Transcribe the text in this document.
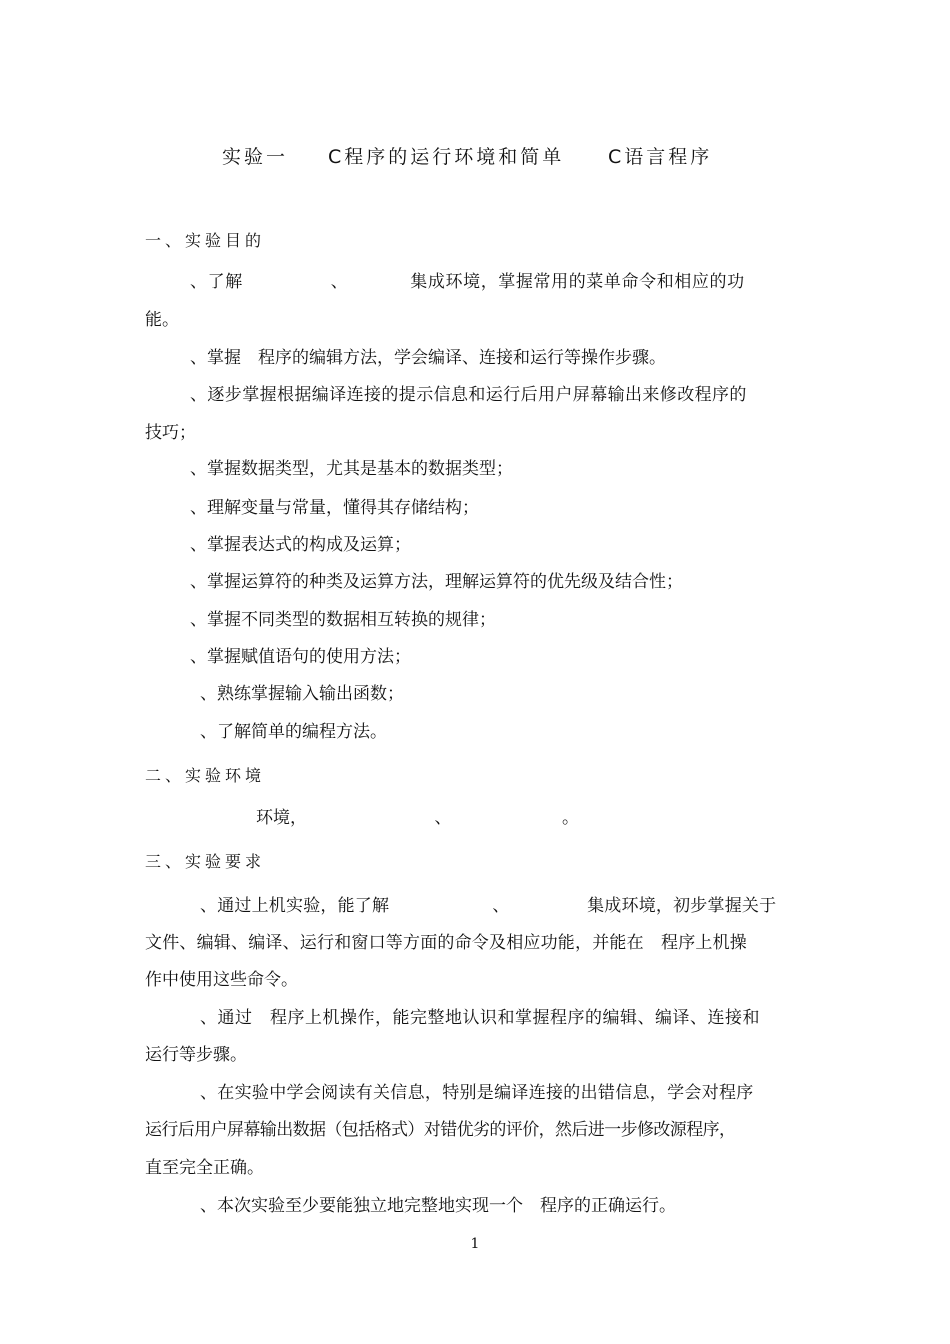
实验一 C程序的运行环境和简单 C语言程序
一、实验目的
、了解　　　　　、　　　　集成环境，掌握常用的菜单命令和相应的功
能。
、掌握　程序的编辑方法，学会编译、连接和运行等操作步骤。
、逐步掌握根据编译连接的提示信息和运行后用户屏幕输出来修改程序的
技巧；
、掌握数据类型，尤其是基本的数据类型；
、理解变量与常量，懂得其存储结构；
、掌握表达式的构成及运算；
、掌握运算符的种类及运算方法，理解运算符的优先级及结合性；
、掌握不同类型的数据相互转换的规律；
、掌握赋值语句的使用方法；
、熟练掌握输入输出函数；
、了解简单的编程方法。
二、实验环境
环境，　　　　　　　　、　　　　　　　。
三、实验要求
、通过上机实验，能了解　　　　　　、　　　　　集成环境，初步掌握关于
文件、编辑、编译、运行和窗口等方面的命令及相应功能，并能在　程序上机操
作中使用这些命令。
、通过　程序上机操作，能完整地认识和掌握程序的编辑、编译、连接和
运行等步骤。
、在实验中学会阅读有关信息，特别是编译连接的出错信息，学会对程序
运行后用户屏幕输出数据（包括格式）对错优劣的评价，然后进一步修改源程序，
直至完全正确。
、本次实验至少要能独立地完整地实现一个　程序的正确运行。
1
